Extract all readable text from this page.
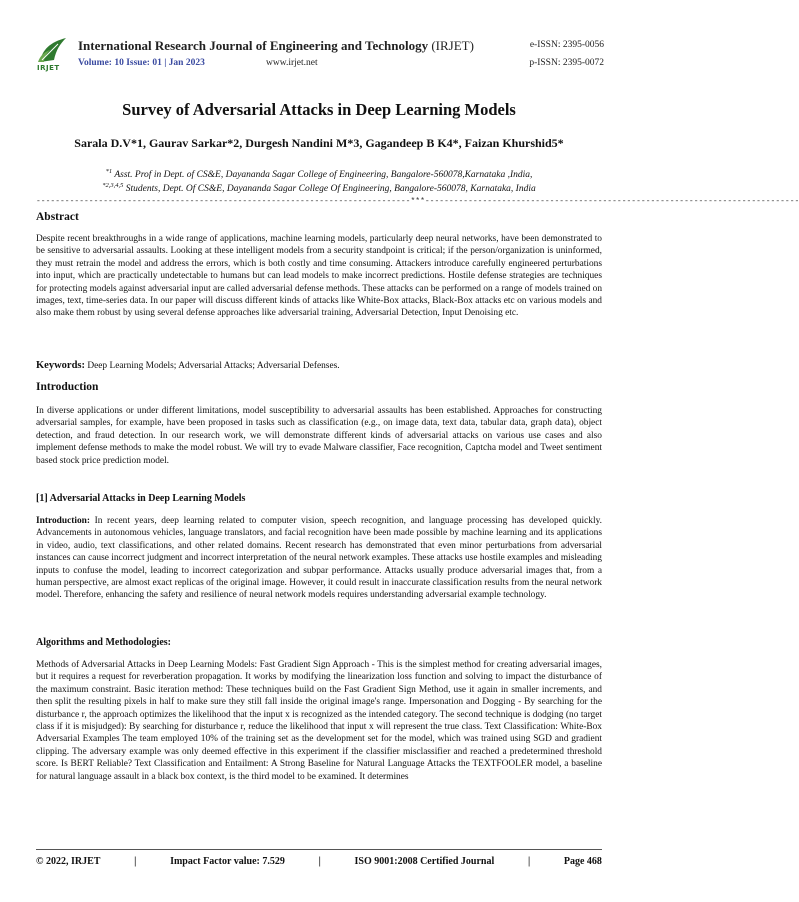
IRJET
International Research Journal of Engineering and Technology (IRJET)	e-ISSN: 2395-0056
Volume: 10 Issue: 01 | Jan 2023	www.irjet.net	p-ISSN: 2395-0072
Survey of Adversarial Attacks in Deep Learning Models
Sarala D.V*1, Gaurav Sarkar*2, Durgesh Nandini M*3, Gagandeep B K4*, Faizan Khurshid5*
$^{*1}$ Asst. Prof in Dept. of CS&E, Dayananda Sagar College of Engineering, Bangalore-560078,Karnataka ,India,
$^{*2,3,4,5}$ Students, Dept. Of CS&E, Dayananda Sagar College Of Engineering, Bangalore-560078, Karnataka, India
------------------------------------------------------------------------------***------------------------------------------------------------------------------
Abstract
Despite recent breakthroughs in a wide range of applications, machine learning models, particularly deep neural networks, have been demonstrated to be sensitive to adversarial assaults. Looking at these intelligent models from a security standpoint is critical; if the person/organization is uninformed, they must retrain the model and address the errors, which is both costly and time consuming. Attackers introduce carefully engineered perturbations into input, which are practically undetectable to humans but can lead models to make incorrect predictions. Hostile defense strategies are techniques for protecting models against adversarial input are called adversarial defense methods. These attacks can be performed on a range of models trained on images, text, time-series data. In our paper will discuss different kinds of attacks like White-Box attacks, Black-Box attacks etc on various models and also make them robust by using several defense approaches like adversarial training, Adversarial Detection, Input Denoising etc.
Keywords: Deep Learning Models; Adversarial Attacks; Adversarial Defenses.
Introduction
In diverse applications or under different limitations, model susceptibility to adversarial assaults has been established. Approaches for constructing adversarial samples, for example, have been proposed in tasks such as classification (e.g., on image data, text data, tabular data, graph data), object detection, and fraud detection. In our research work, we will demonstrate different kinds of adversarial attacks on various use cases and also implement defense methods to make the model robust. We will try to evade Malware classifier, Face recognition, Captcha model and Tweet sentiment based stock price prediction model.
[1] Adversarial Attacks in Deep Learning Models
Introduction: In recent years, deep learning related to computer vision, speech recognition, and language processing has developed quickly. Advancements in autonomous vehicles, language translators, and facial recognition have been made possible by machine learning and its applications in video, audio, text classifications, and other related domains. Recent research has demonstrated that even minor perturbations from adversarial instances can cause incorrect judgment and incorrect interpretation of the neural network examples. These attacks use hostile examples and misleading inputs to confuse the model, leading to incorrect categorization and subpar performance. Attacks usually produce adversarial images that, from a human perspective, are almost exact replicas of the original image. However, it could result in inaccurate classification results from the neural network model. Therefore, enhancing the safety and resilience of neural network models requires understanding adversarial example technology.
Algorithms and Methodologies:
Methods of Adversarial Attacks in Deep Learning Models: Fast Gradient Sign Approach - This is the simplest method for creating adversarial images, but it requires a request for reverberation propagation. It works by modifying the linearization loss function and solving to impact the disturbance of the maximum constraint. Basic iteration method: These techniques build on the Fast Gradient Sign Method, use it again in smaller increments, and then split the resulting pixels in half to make sure they still fall inside the original image's range. Impersonation and Dogging - By searching for the disturbance r, the approach optimizes the likelihood that the input x is recognized as the intended category. The second technique is dodging (no target class if it is misjudged): By searching for disturbance r, reduce the likelihood that input x will represent the true class. Text Classification: White-Box Adversarial Examples The team employed 10% of the training set as the development set for the model, which was trained using SGD and gradient clipping. The adversary example was only deemed effective in this experiment if the classifier misclassifier and reached a predetermined threshold score. Is BERT Reliable? Text Classification and Entailment: A Strong Baseline for Natural Language Attacks the TEXTFOOLER model, a baseline for natural language assault in a black box context, is the third model to be examined. It determines
© 2022, IRJET	|	Impact Factor value: 7.529	|	ISO 9001:2008 Certified Journal	|	Page 468
